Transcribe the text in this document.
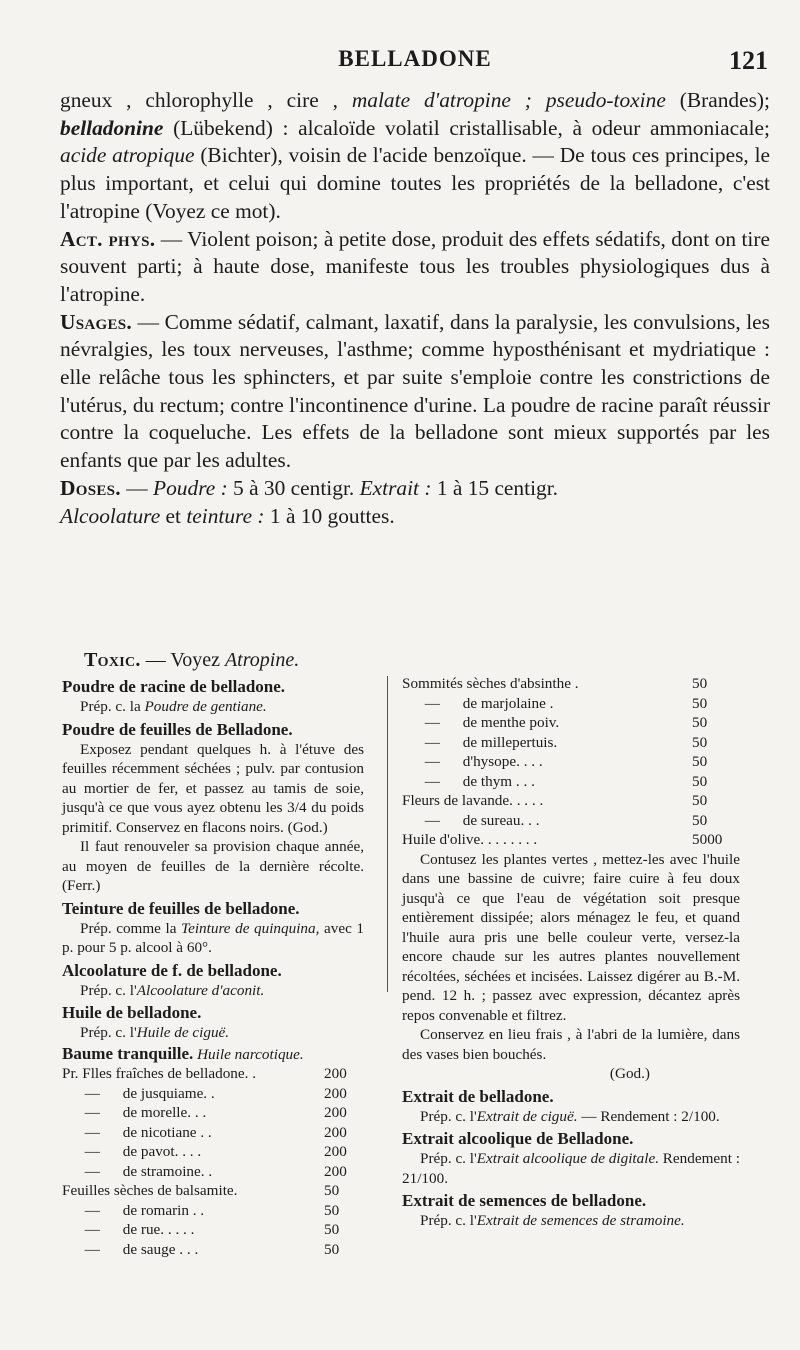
BELLADONE	121

gneux , chlorophylle , cire , malate d'atropine ; pseudo-toxine (Brandes); belladonine (Lübekend) : alcaloïde volatil cristallisable, à odeur ammoniacale; acide atropique (Bichter), voisin de l'acide benzoïque. — De tous ces principes, le plus important, et celui qui domine toutes les propriétés de la belladone, c'est l'atropine (Voyez ce mot).

Act. phys. — Violent poison; à petite dose, produit des effets sédatifs, dont on tire souvent parti; à haute dose, manifeste tous les troubles physiologiques dus à l'atropine.

Usages. — Comme sédatif, calmant, laxatif, dans la paralysie, les convulsions, les névralgies, les toux nerveuses, l'asthme; comme hyposthénisant et mydriatique : elle relâche tous les sphincters, et par suite s'emploie contre les constrictions de l'utérus, du rectum; contre l'incontinence d'urine. La poudre de racine paraît réussir contre la coqueluche. Les effets de la belladone sont mieux supportés par les enfants que par les adultes.

Doses. — Poudre : 5 à 30 centigr. Extrait : 1 à 15 centigr.
Alcoolature et teinture : 1 à 10 gouttes.

Toxic. — Voyez Atropine.

Poudre de racine de belladone.

Prép. c. la Poudre de gentiane.

Poudre de feuilles de Belladone.

Exposez pendant quelques h. à l'étuve des feuilles récemment séchées ; pulv. par contusion au mortier de fer, et passez au tamis de soie, jusqu'à ce que vous ayez obtenu les 3/4 du poids primitif. Conservez en flacons noirs. (God.)

Il faut renouveler sa provision chaque année, au moyen de feuilles de la dernière récolte. (Ferr.)

Teinture de feuilles de belladone.

Prép. comme la Teinture de quinquina, avec 1 p. pour 5 p. alcool à 60°.

Alcoolature de f. de belladone.

Prép. c. l'Alcoolature d'aconit.

Huile de belladone.

Prép. c. l'Huile de ciguë.

Baume tranquille. Huile narcotique.

Pr. Flles fraîches de belladone. .	200
—      de jusquiame. .	200
—      de morelle. . .	200
—      de nicotiane . .	200
—      de pavot. . . .	200
—      de stramoine. .	200
Feuilles sèches de balsamite.	50
—      de romarin . .	50
—      de rue. . . . .	50
—      de sauge . . .	50
Sommités sèches d'absinthe .	50
—      de marjolaine .	50
—      de menthe poiv.	50
—      de millepertuis.	50
—      d'hysope. . . .	50
—      de thym . . .	50
Fleurs de lavande. . . . .	50
—      de sureau. . .	50
Huile d'olive. . . . . . . .	5000

Contusez les plantes vertes , mettez-les avec l'huile dans une bassine de cuivre; faire cuire à feu doux jusqu'à ce que l'eau de végétation soit presque entièrement dissipée; alors ménagez le feu, et quand l'huile aura pris une belle couleur verte, versez-la encore chaude sur les autres plantes nouvellement récoltées, séchées et incisées. Laissez digérer au B.-M. pend. 12 h. ; passez avec expression, décantez après repos convenable et filtrez.

Conservez en lieu frais , à l'abri de la lumière, dans des vases bien bouchés.

(God.)

Extrait de belladone.

Prép. c. l'Extrait de ciguë. — Rendement : 2/100.

Extrait alcoolique de Belladone.

Prép. c. l'Extrait alcoolique de digitale. Rendement : 21/100.

Extrait de semences de belladone.

Prép. c. l'Extrait de semences de stramoine.
